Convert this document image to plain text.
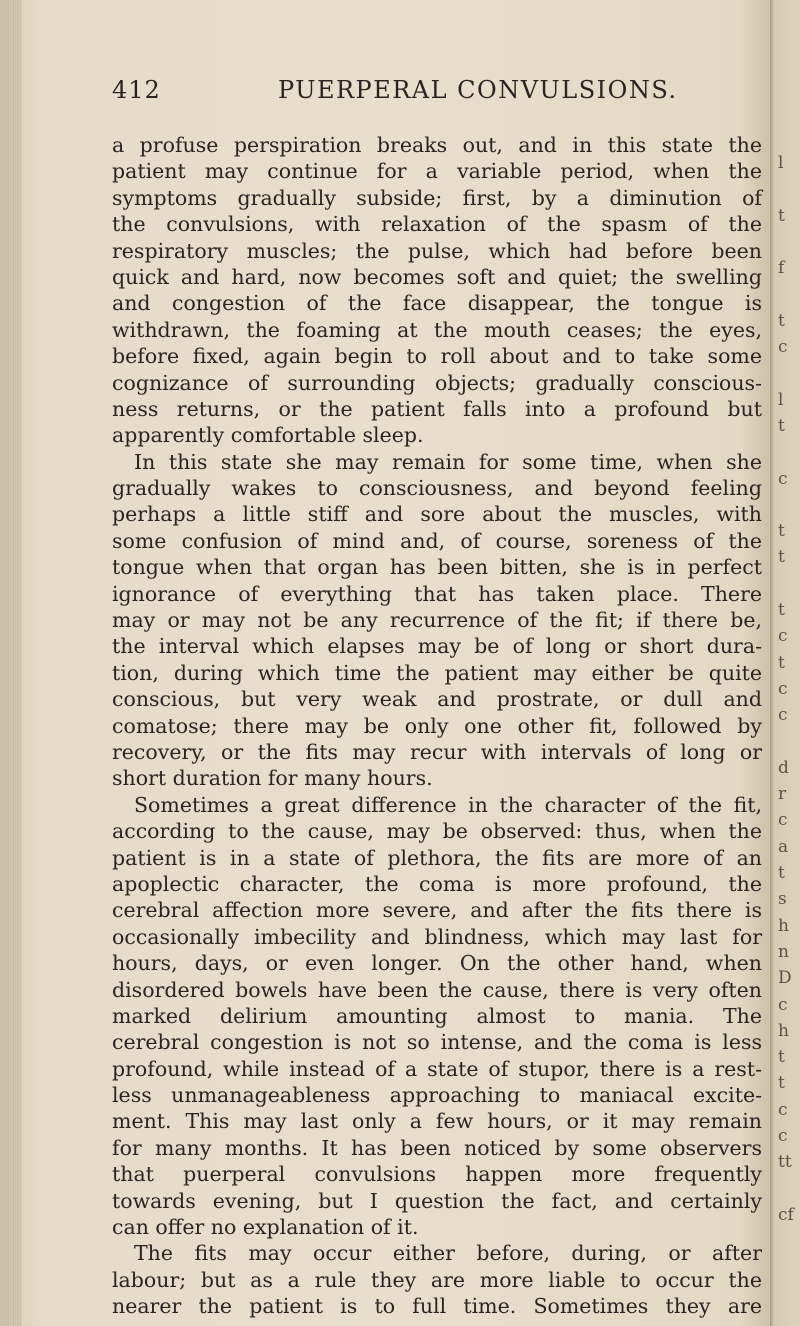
l
t
f
t
c
l
t
c
t
t
t
c
t
c
c
d
r
c
a
t
s
h
n
D
c
h
t
t
c
c
tt
cf
412	PUERPERAL CONVULSIONS.
a profuse perspiration breaks out, and in this state the
patient may continue for a variable period, when the
symptoms gradually subside; first, by a diminution of
the convulsions, with relaxation of the spasm of the
respiratory muscles; the pulse, which had before been
quick and hard, now becomes soft and quiet; the swelling
and congestion of the face disappear, the tongue is
withdrawn, the foaming at the mouth ceases; the eyes,
before fixed, again begin to roll about and to take some
cognizance of surrounding objects; gradually conscious-
ness returns, or the patient falls into a profound but
apparently comfortable sleep.
In this state she may remain for some time, when she
gradually wakes to consciousness, and beyond feeling
perhaps a little stiff and sore about the muscles, with
some confusion of mind and, of course, soreness of the
tongue when that organ has been bitten, she is in perfect
ignorance of everything that has taken place. There
may or may not be any recurrence of the fit; if there be,
the interval which elapses may be of long or short dura-
tion, during which time the patient may either be quite
conscious, but very weak and prostrate, or dull and
comatose; there may be only one other fit, followed by
recovery, or the fits may recur with intervals of long or
short duration for many hours.
Sometimes a great difference in the character of the fit,
according to the cause, may be observed: thus, when the
patient is in a state of plethora, the fits are more of an
apoplectic character, the coma is more profound, the
cerebral affection more severe, and after the fits there is
occasionally imbecility and blindness, which may last for
hours, days, or even longer. On the other hand, when
disordered bowels have been the cause, there is very often
marked delirium amounting almost to mania. The
cerebral congestion is not so intense, and the coma is less
profound, while instead of a state of stupor, there is a rest-
less unmanageableness approaching to maniacal excite-
ment. This may last only a few hours, or it may remain
for many months. It has been noticed by some observers
that puerperal convulsions happen more frequently
towards evening, but I question the fact, and certainly
can offer no explanation of it.
The fits may occur either before, during, or after
labour; but as a rule they are more liable to occur the
nearer the patient is to full time. Sometimes they are
